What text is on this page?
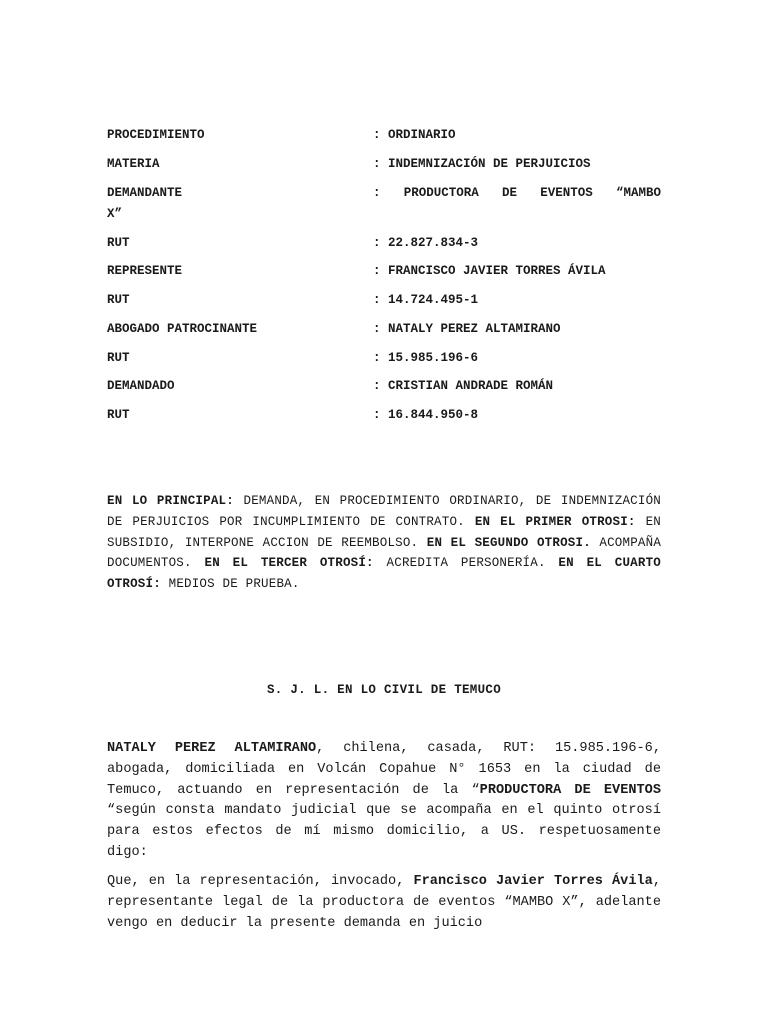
PROCEDIMIENTO	: ORDINARIO
MATERIA	: INDEMNIZACIÓN DE PERJUICIOS
DEMANDANTE	:  PRODUCTORA  DE  EVENTOS  “MAMBO
X”
RUT	: 22.827.834-3
REPRESENTE	: FRANCISCO JAVIER TORRES ÁVILA
RUT	: 14.724.495-1
ABOGADO PATROCINANTE	: NATALY PEREZ ALTAMIRANO
RUT	: 15.985.196-6
DEMANDADO	: CRISTIAN ANDRADE ROMÁN
RUT	: 16.844.950-8
EN LO PRINCIPAL: DEMANDA, EN PROCEDIMIENTO ORDINARIO, DE INDEMNIZACIÓN DE PERJUICIOS POR INCUMPLIMIENTO DE CONTRATO. EN EL PRIMER OTROSI: EN SUBSIDIO, INTERPONE ACCION DE REEMBOLSO. EN EL SEGUNDO OTROSI. ACOMPAÑA DOCUMENTOS. EN EL TERCER OTROSÍ: ACREDITA PERSONERÍA. EN EL CUARTO OTROSÍ: MEDIOS DE PRUEBA.
S. J. L. EN LO CIVIL DE TEMUCO
NATALY PEREZ ALTAMIRANO, chilena, casada, RUT: 15.985.196-6, abogada, domiciliada en Volcán Copahue N° 1653 en la ciudad de Temuco, actuando en representación de la “PRODUCTORA DE EVENTOS “según consta mandato judicial que se acompaña en el quinto otrosí para estos efectos de mí mismo domicilio, a US. respetuosamente digo:
Que, en la representación, invocado, Francisco Javier Torres Ávila, representante legal de la productora de eventos “MAMBO X”, adelante vengo en deducir la presente demanda en juicio
